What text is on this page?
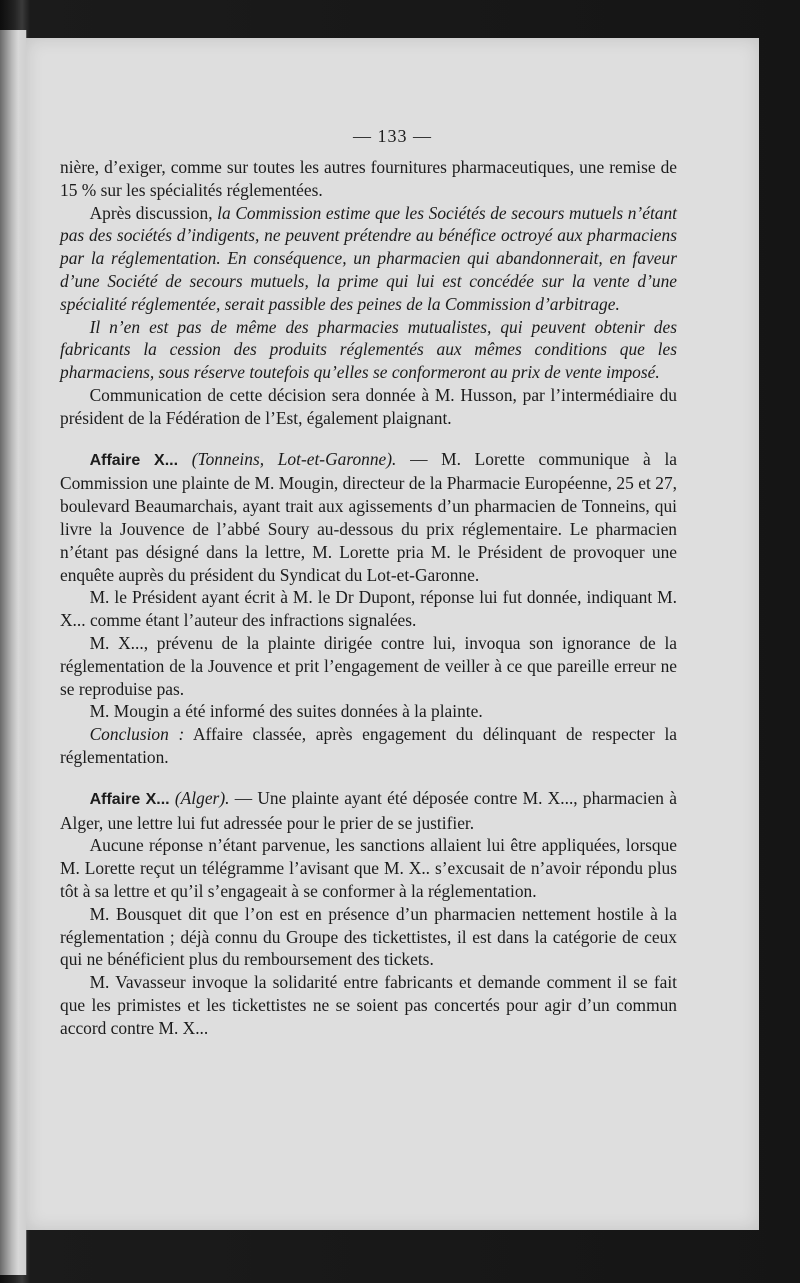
— 133 —

nière, d’exiger, comme sur toutes les autres fournitures pharmaceutiques, une remise de 15 % sur les spécialités réglementées.

Après discussion, la Commission estime que les Sociétés de secours mutuels n’étant pas des sociétés d’indigents, ne peuvent prétendre au bénéfice octroyé aux pharmaciens par la réglementation. En conséquence, un pharmacien qui abandonnerait, en faveur d’une Société de secours mutuels, la prime qui lui est concédée sur la vente d’une spécialité réglementée, serait passible des peines de la Commission d’arbitrage.

Il n’en est pas de même des pharmacies mutualistes, qui peuvent obtenir des fabricants la cession des produits réglementés aux mêmes conditions que les pharmaciens, sous réserve toutefois qu’elles se conformeront au prix de vente imposé.

Communication de cette décision sera donnée à M. Husson, par l’intermédiaire du président de la Fédération de l’Est, également plaignant.

Affaire X... (Tonneins, Lot-et-Garonne). — M. Lorette communique à la Commission une plainte de M. Mougin, directeur de la Pharmacie Européenne, 25 et 27, boulevard Beaumarchais, ayant trait aux agissements d’un pharmacien de Tonneins, qui livre la Jouvence de l’abbé Soury au-dessous du prix réglementaire. Le pharmacien n’étant pas désigné dans la lettre, M. Lorette pria M. le Président de provoquer une enquête auprès du président du Syndicat du Lot-et-Garonne.

M. le Président ayant écrit à M. le Dr Dupont, réponse lui fut donnée, indiquant M. X... comme étant l’auteur des infractions signalées.

M. X..., prévenu de la plainte dirigée contre lui, invoqua son ignorance de la réglementation de la Jouvence et prit l’engagement de veiller à ce que pareille erreur ne se reproduise pas.

M. Mougin a été informé des suites données à la plainte.

Conclusion : Affaire classée, après engagement du délinquant de respecter la réglementation.

Affaire X... (Alger). — Une plainte ayant été déposée contre M. X..., pharmacien à Alger, une lettre lui fut adressée pour le prier de se justifier.

Aucune réponse n’étant parvenue, les sanctions allaient lui être appliquées, lorsque M. Lorette reçut un télégramme l’avisant que M. X.. s’excusait de n’avoir répondu plus tôt à sa lettre et qu’il s’engageait à se conformer à la réglementation.

M. Bousquet dit que l’on est en présence d’un pharmacien nettement hostile à la réglementation ; déjà connu du Groupe des tickettistes, il est dans la catégorie de ceux qui ne bénéficient plus du remboursement des tickets.

M. Vavasseur invoque la solidarité entre fabricants et demande comment il se fait que les primistes et les tickettistes ne se soient pas concertés pour agir d’un commun accord contre M. X...
